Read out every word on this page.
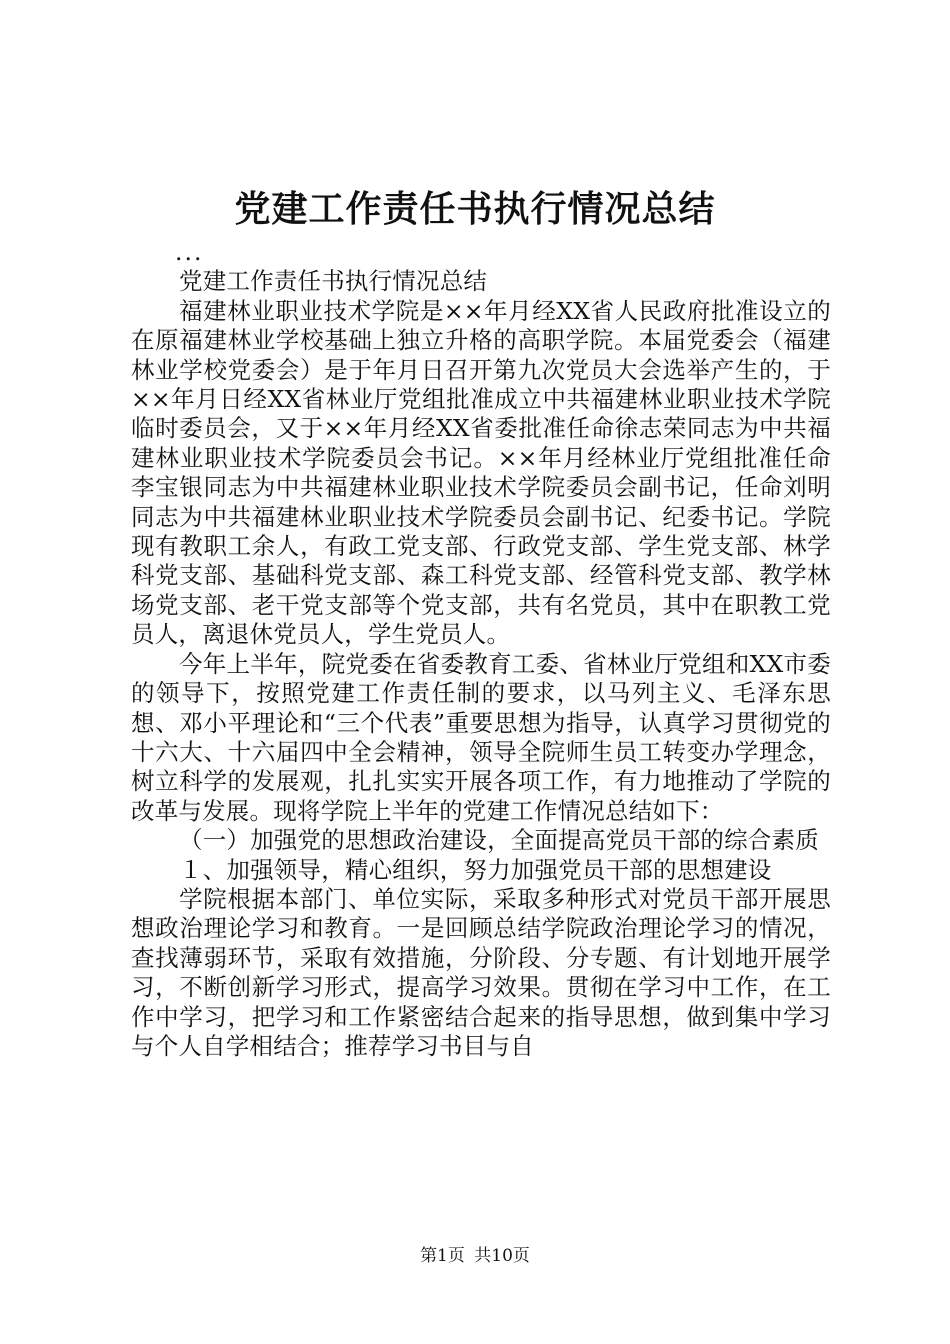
党建工作责任书执行情况总结

...

党建工作责任书执行情况总结

福建林业职业技术学院是××年月经XX省人民政府批准设立的在原福建林业学校基础上独立升格的高职学院。本届党委会（福建林业学校党委会）是于年月日召开第九次党员大会选举产生的，于××年月日经XX省林业厅党组批准成立中共福建林业职业技术学院临时委员会，又于××年月经XX省委批准任命徐志荣同志为中共福建林业职业技术学院委员会书记。××年月经林业厅党组批准任命李宝银同志为中共福建林业职业技术学院委员会副书记，任命刘明同志为中共福建林业职业技术学院委员会副书记、纪委书记。学院现有教职工余人，有政工党支部、行政党支部、学生党支部、林学科党支部、基础科党支部、森工科党支部、经管科党支部、教学林场党支部、老干党支部等个党支部，共有名党员，其中在职教工党员人，离退休党员人，学生党员人。

今年上半年，院党委在省委教育工委、省林业厅党组和XX市委的领导下，按照党建工作责任制的要求，以马列主义、毛泽东思想、邓小平理论和“三个代表”重要思想为指导，认真学习贯彻党的十六大、十六届四中全会精神，领导全院师生员工转变办学理念，树立科学的发展观，扎扎实实开展各项工作，有力地推动了学院的改革与发展。现将学院上半年的党建工作情况总结如下：

（一）加强党的思想政治建设，全面提高党员干部的综合素质

１、加强领导，精心组织，努力加强党员干部的思想建设

学院根据本部门、单位实际，采取多种形式对党员干部开展思想政治理论学习和教育。一是回顾总结学院政治理论学习的情况，查找薄弱环节，采取有效措施，分阶段、分专题、有计划地开展学习，不断创新学习形式，提高学习效果。贯彻在学习中工作，在工作中学习，把学习和工作紧密结合起来的指导思想，做到集中学习与个人自学相结合；推荐学习书目与自

第1页 共10页
